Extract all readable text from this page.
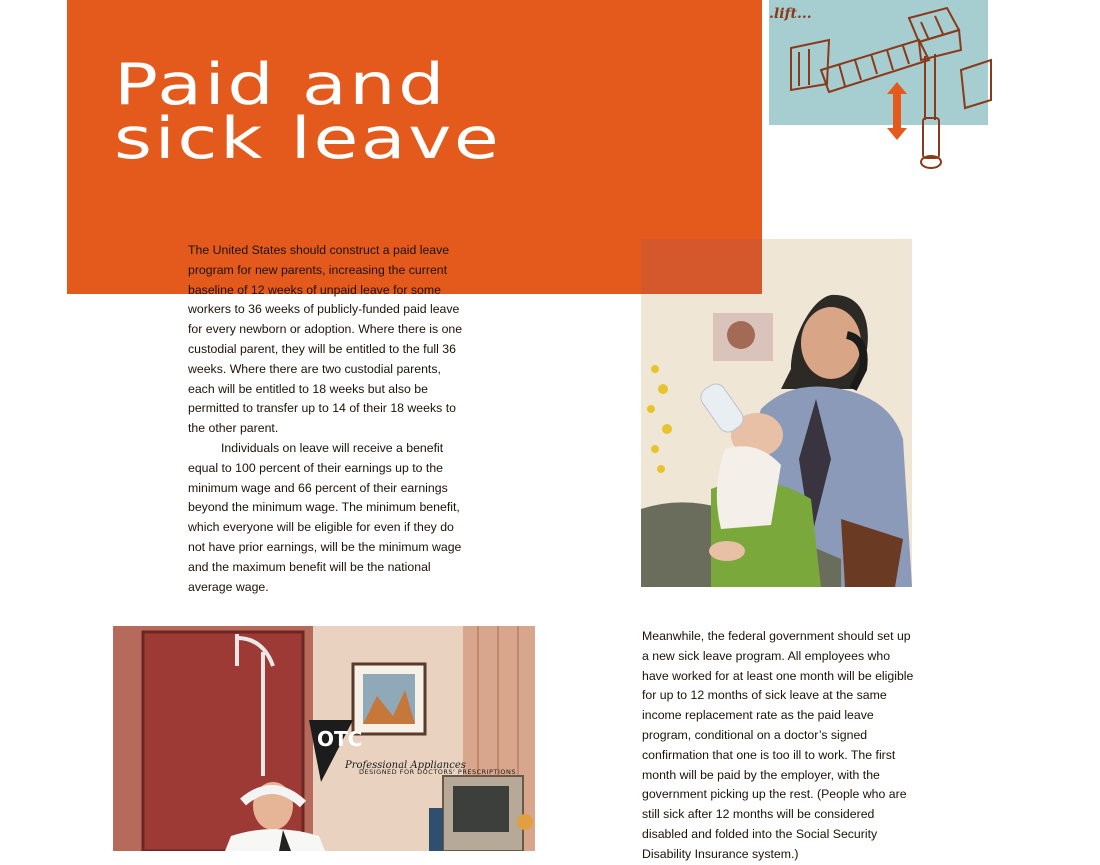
Paid and
sick leave
.lift...

The United States should construct a paid leave program for new parents, increasing the current baseline of 12 weeks of unpaid leave for some workers to 36 weeks of publicly-funded paid leave for every newborn or adoption. Where there is one custodial parent, they will be entitled to the full 36 weeks. Where there are two custodial parents, each will be entitled to 18 weeks but also be permitted to transfer up to 14 of their 18 weeks to the other parent.

Individuals on leave will receive a benefit equal to 100 percent of their earnings up to the minimum wage and 66 percent of their earnings beyond the minimum wage. The minimum benefit, which everyone will be eligible for even if they do not have prior earnings, will be the minimum wage and the maximum benefit will be the national average wage.

Meanwhile, the federal government should set up a new sick leave program. All employees who have worked for at least one month will be eligible for up to 12 months of sick leave at the same income replacement rate as the paid leave program, conditional on a doctor’s signed confirmation that one is too ill to work. The first month will be paid by the employer, with the government picking up the rest. (People who are still sick after 12 months will be considered disabled and folded into the Social Security Disability Insurance system.)

OTC
Professional Appliances
DESIGNED FOR DOCTORS' PRESCRIPTIONS
